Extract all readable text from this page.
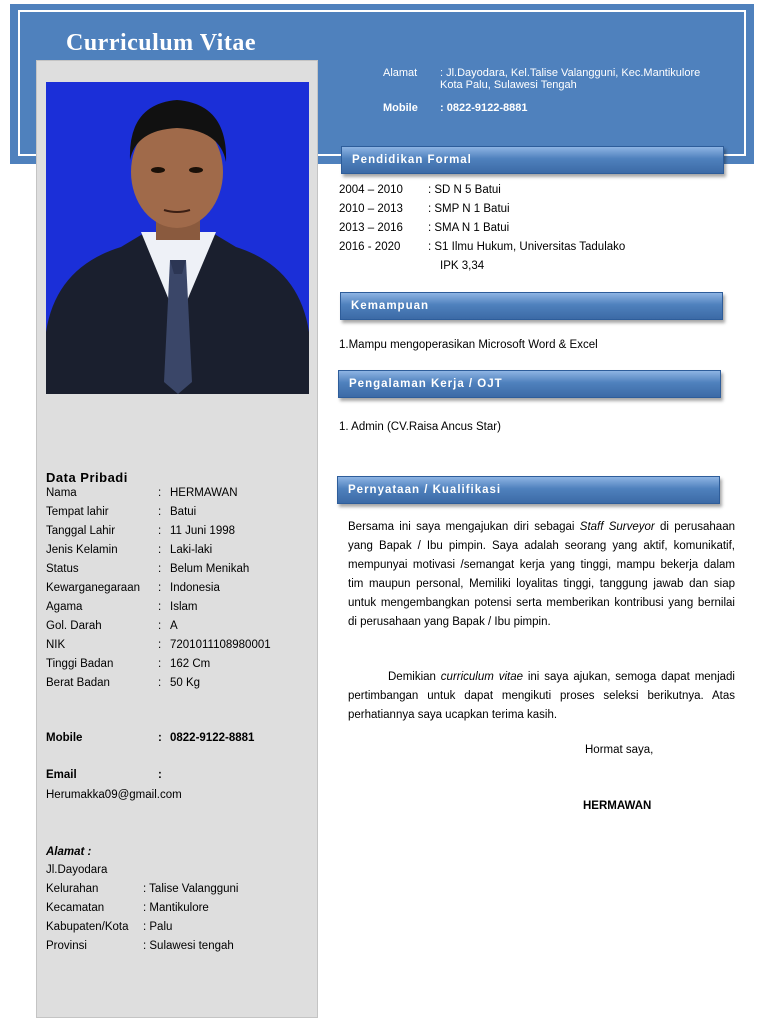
Curriculum Vitae
Alamat : Jl.Dayodara, Kel.Talise Valangguni, Kec.Mantikulore
Kota Palu, Sulawesi Tengah
Mobile : 0822-9122-8881
Data Pribadi
Nama	: HERMAWAN
Tempat lahir	: Batui
Tanggal Lahir	: 11 Juni 1998
Jenis Kelamin	: Laki-laki
Status	: Belum Menikah
Kewarganegaraan : Indonesia
Agama	: Islam
Gol. Darah	: A
NIK	: 7201011108980001
Tinggi Badan	: 162 Cm
Berat Badan	: 50 Kg
Mobile	: 0822-9122-8881
Email	:
Herumakka09@gmail.com
Alamat :
Jl.Dayodara
Kelurahan	: Talise Valangguni
Kecamatan	: Mantikulore
Kabupaten/Kota : Palu
Provinsi	: Sulawesi tengah
Pendidikan Formal
2004 – 2010 : SD N 5 Batui
2010 – 2013 : SMP N 1 Batui
2013 – 2016 : SMA N 1 Batui
2016 - 2020 : S1 Ilmu Hukum, Universitas Tadulako
IPK 3,34
Kemampuan
1.Mampu mengoperasikan Microsoft Word & Excel
Pengalaman Kerja / OJT
1. Admin (CV.Raisa Ancus Star)
Pernyataan / Kualifikasi

Bersama ini saya mengajukan diri sebagai Staff Surveyor di perusahaan yang Bapak / Ibu pimpin. Saya adalah seorang yang aktif, komunikatif, mempunyai motivasi /semangat kerja yang tinggi, mampu bekerja dalam tim maupun personal, Memiliki loyalitas tinggi, tanggung jawab dan siap untuk mengembangkan potensi serta memberikan kontribusi yang bernilai di perusahaan yang Bapak / Ibu pimpin.

Demikian curriculum vitae ini saya ajukan, semoga dapat menjadi pertimbangan untuk dapat mengikuti proses seleksi berikutnya. Atas perhatiannya saya ucapkan terima kasih.

Hormat saya,
HERMAWAN
